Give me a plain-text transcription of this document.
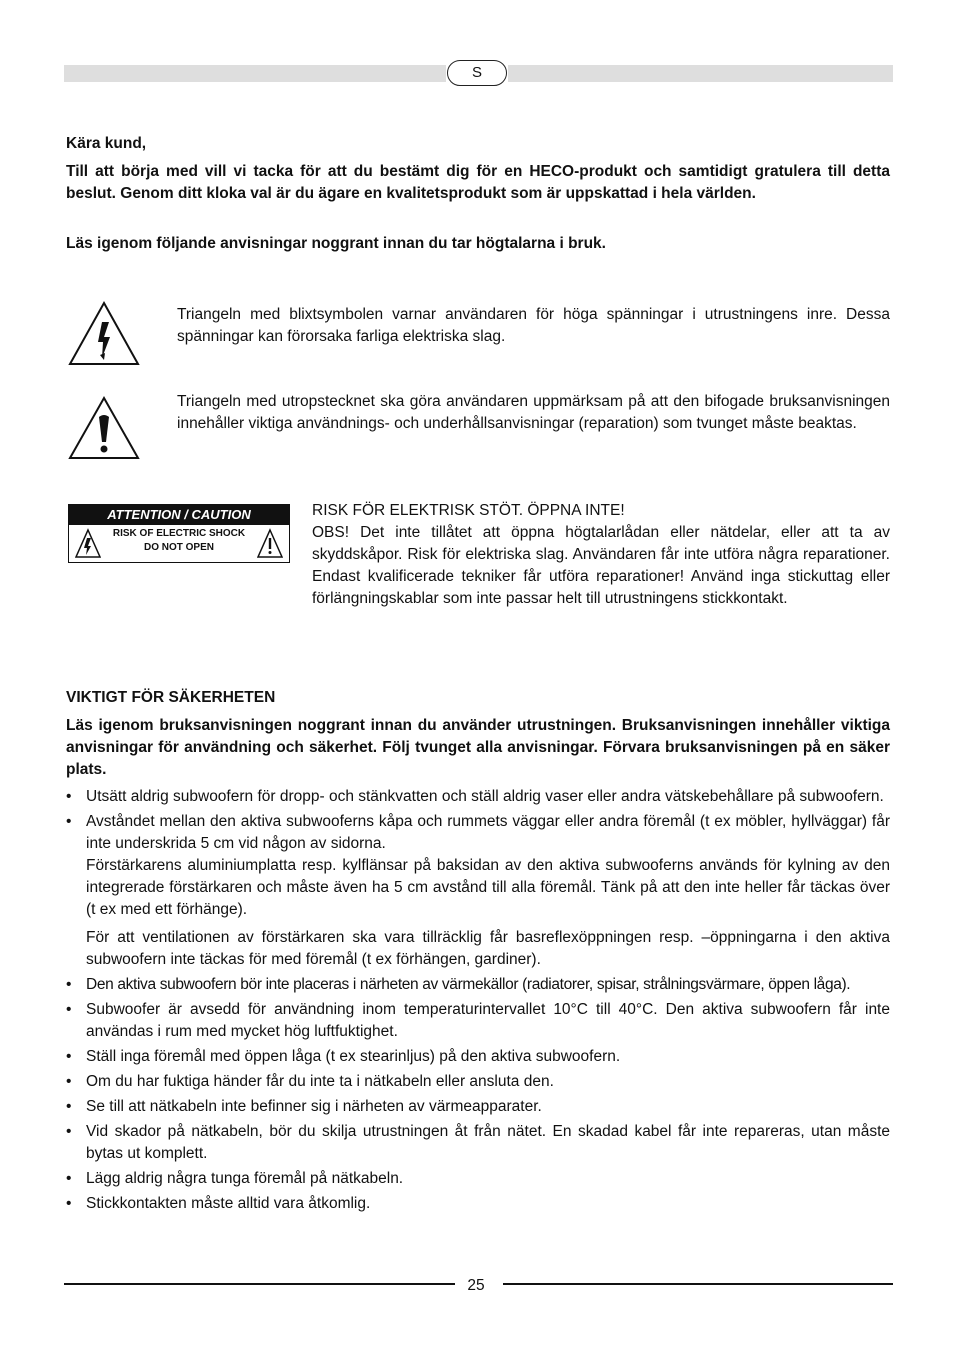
S
Kära kund,
Till att börja med vill vi tacka för att du bestämt dig för en HECO-produkt och samtidigt gratulera till detta beslut. Genom ditt kloka val är du ägare en kvalitetsprodukt som är uppskattad i hela världen.
Läs igenom följande anvisningar noggrant innan du tar högtalarna i bruk.
Triangeln med blixtsymbolen varnar användaren för höga spänningar i utrustningens inre. Dessa spänningar kan förorsaka farliga elektriska slag.
Triangeln med utropstecknet ska göra användaren uppmärksam på att den bifogade bruksanvisningen innehåller viktiga användnings- och underhållsanvisningar (reparation) som tvunget måste beaktas.
ATTENTION / CAUTION
RISK OF ELECTRIC SHOCK
DO NOT OPEN
RISK FÖR ELEKTRISK STÖT. ÖPPNA INTE!
OBS! Det inte tillåtet att öppna högtalarlådan eller nätdelar, eller att ta av skyddskåpor. Risk för elektriska slag. Användaren får inte utföra några reparationer. Endast kvalificerade tekniker får utföra reparationer! Använd inga stickuttag eller förlängningskablar som inte passar helt till utrustningens stickkontakt.
VIKTIGT FÖR SÄKERHETEN
Läs igenom bruksanvisningen noggrant innan du använder utrustningen. Bruksanvisningen innehåller viktiga anvisningar för användning och säkerhet. Följ tvunget alla anvisningar. Förvara bruksanvisningen på en säker plats.
• Utsätt aldrig subwoofern för dropp- och stänkvatten och ställ aldrig vaser eller andra vätskebehållare på subwoofern.
• Avståndet mellan den aktiva subwooferns kåpa och rummets väggar eller andra föremål (t ex möbler, hyllväggar) får inte underskrida 5 cm vid någon av sidorna.
Förstärkarens aluminiumplatta resp. kylflänsar på baksidan av den aktiva subwooferns används för kylning av den integrerade förstärkaren och måste även ha 5 cm avstånd till alla föremål. Tänk på att den inte heller får täckas över (t ex med ett förhänge).
För att ventilationen av förstärkaren ska vara tillräcklig får basreflexöppningen resp. –öppningarna i den aktiva subwoofern inte täckas för med föremål (t ex förhängen, gardiner).
• Den aktiva subwoofern bör inte placeras i närheten av värmekällor (radiatorer, spisar, strålningsvärmare, öppen låga).
• Subwoofer är avsedd för användning inom temperaturintervallet 10°C till 40°C. Den aktiva subwoofern får inte användas i rum med mycket hög luftfuktighet.
• Ställ inga föremål med öppen låga (t ex stearinljus) på den aktiva subwoofern.
• Om du har fuktiga händer får du inte ta i nätkabeln eller ansluta den.
• Se till att nätkabeln inte befinner sig i närheten av värmeapparater.
• Vid skador på nätkabeln, bör du skilja utrustningen åt från nätet. En skadad kabel får inte repareras, utan måste bytas ut komplett.
• Lägg aldrig några tunga föremål på nätkabeln.
• Stickkontakten måste alltid vara åtkomlig.
25
